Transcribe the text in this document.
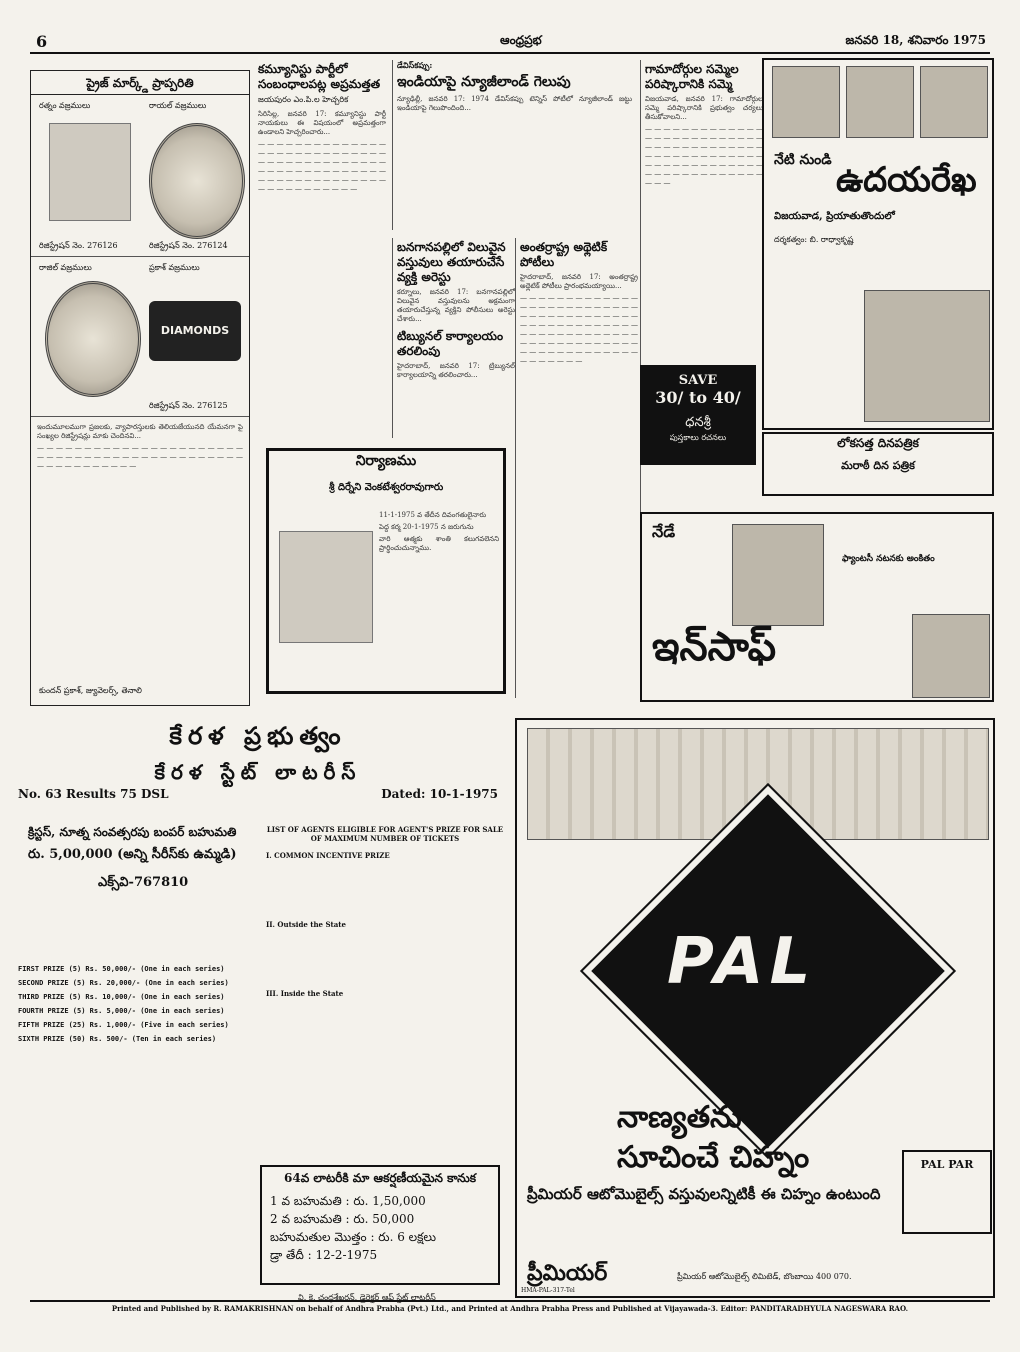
6	ఆంధ్రప్రభ	జనవరి 18, శనివారం 1975
ప్రైజ్ మార్క్డ్ ప్రాప్పరితి
రత్నం వజ్రములు	రాయల్ వజ్రములు
రిజిస్ట్రేషన్ నెం. 276126	రిజిస్ట్రేషన్ నెం. 276124
రాజిల్ వజ్రములు	ప్రకాశ్ వజ్రములు
DIAMONDS
రిజిస్ట్రేషన్ నెం. 276125

ఇందుమూలముగా ప్రజలకు, వ్యాపారస్తులకు తెలియజేయునది యేమనగా పై సంఖ్యల రిజిస్ట్రేషన్లు మాకు చెందినవి...

— — — — — — — — — — — — — — — — — — — — — — — — — — — — — — — — — — — — — — — — — — — — — — — — — — — — — — —

కుందన్ ప్రకాశ్, జ్యువెలర్స్, తెనాలి
కమ్యూనిస్టు పార్టీలో సంబంధాలపట్ల అప్రమత్తత
జయపురం ఎం.పి.ల హెచ్చరిక

సిరిసిల్ల, జనవరి 17: కమ్యూనిస్టు పార్టీ నాయకులు ఈ విషయంలో అప్రమత్తంగా ఉండాలని హెచ్చరించారు...

— — — — — — — — — — — — — — — — — — — — — — — — — — — — — — — — — — — — — — — — — — — — — — — — — — — — — — — — — — — — — — — — — — — — — — — — — — — — — — — — —

డేవిస్‌కప్పు:
ఇండియాపై న్యూజీలాండ్ గెలుపు

న్యూఢిల్లీ, జనవరి 17: 1974 డేవిస్‌కప్పు టెన్నిస్ పోటీలో న్యూజీలాండ్ జట్టు ఇండియాపై గెలుపొందింది...

బనగానపల్లిలో విలువైన వస్తువులు తయారుచేసే వ్యక్తి అరెస్టు

కర్నూలు, జనవరి 17: బనగానపల్లిలో విలువైన వస్తువులను అక్రమంగా తయారుచేస్తున్న వ్యక్తిని పోలీసులు అరెస్టు చేశారు...

టిబ్యునల్ కార్యాలయం తరలింపు

హైదరాబాద్, జనవరి 17: ట్రిబ్యునల్ కార్యాలయాన్ని తరలించారు...

అంతర్రాష్ట్ర అథ్లెటిక్ పోటీలు

హైదరాబాద్, జనవరి 17: అంతర్రాష్ట్ర అథ్లెటిక్ పోటీలు ప్రారంభమయ్యాయి...

— — — — — — — — — — — — — — — — — — — — — — — — — — — — — — — — — — — — — — — — — — — — — — — — — — — — — — — — — — — — — — — — — — — — — — — — — — — — — — — — — — — — — — — — — — — — — — — — — —

నిర్యాణము
శ్రీ దిర్నేని వెంకటేశ్వరరావుగారు

11-1-1975 వ తేదీన దివంగతులైనారు

పెద్ద కర్మ 20-1-1975 న జరుగును

వారి ఆత్మకు శాంతి కలుగవలెనని ప్రార్థించుచున్నాము.

గామాదోర్గుల సమ్మెల పరిష్కారానికి సమ్మె

విజయవాడ, జనవరి 17: గామాదోర్గుల సమ్మె పరిష్కారానికి ప్రభుత్వం చర్యలు తీసుకోవాలని...

— — — — — — — — — — — — — — — — — — — — — — — — — — — — — — — — — — — — — — — — — — — — — — — — — — — — — — — — — — — — — — — — — — — — — — — — — — — — — — — — —

SAVE
30/ to 40/
ధనశ్రీ
పుస్తకాలు రచనలు
నేటి నుండి ఉదయరేఖ
విజయవాడ, ప్రియాతుతొందులో
దర్శకత్వం: బి. రాధ్వాకృష్ణ
లోకసత్త దినపత్రిక
మరాఠీ దిన పత్రిక
నేడే
ఫ్యాంటసీ నటనకు అంకితం
ఇన్‌సాఫ్
కేరళ ప్రభుత్వం
కేరళ స్టేట్ లాటరీస్
No. 63 Results 75 DSL	Dated: 10-1-1975
క్రిస్టస్, నూత్న సంవత్సరపు బంపర్ బహుమతి
రు. 5,00,000 (అన్ని సీరీస్‌కు ఉమ్మడి)
ఎక్స్‌వి-767810
FIRST PRIZE (5) Rs. 50,000/- (One in each series)
SECOND PRIZE (5) Rs. 20,000/- (One in each series)
THIRD PRIZE (5) Rs. 10,000/- (One in each series)
FOURTH PRIZE (5) Rs. 5,000/- (One in each series)
FIFTH PRIZE (25) Rs. 1,000/- (Five in each series)
SIXTH PRIZE (50) Rs. 500/- (Ten in each series)
LIST OF AGENTS ELIGIBLE FOR AGENT'S PRIZE FOR SALE OF MAXIMUM NUMBER OF TICKETS
I. COMMON INCENTIVE PRIZE
II. Outside the State
III. Inside the State
64వ లాటరీకి మా ఆకర్షణీయమైన కానుక
1 వ బహుమతి : రు. 1,50,000
2 వ బహుమతి : రు. 50,000
బహుమతుల మొత్తం : రు. 6 లక్షలు
డ్రా తేదీ : 12-2-1975
వి. కె. చంద్రశేఖరన్, డైరెక్టర్ ఆఫ్ స్టేట్ లాటరీస్
PAL
నాణ్యతను
సూచించే చిహ్నం
ప్రీమియర్ ఆటోమొబైల్స్ వస్తువులన్నిటికీ ఈ చిహ్నం ఉంటుంది
ప్రీమియర్	ప్రీమియర్ ఆటోమొబైల్స్ లిమిటెడ్, బొంబాయి 400 070.
PAL PAR
HMA-PAL-317-Tel
Printed and Published by R. RAMAKRISHNAN on behalf of Andhra Prabha (Pvt.) Ltd., and Printed at Andhra Prabha Press and Published at Vijayawada-3. Editor: PANDITARADHYULA NAGESWARA RAO.
